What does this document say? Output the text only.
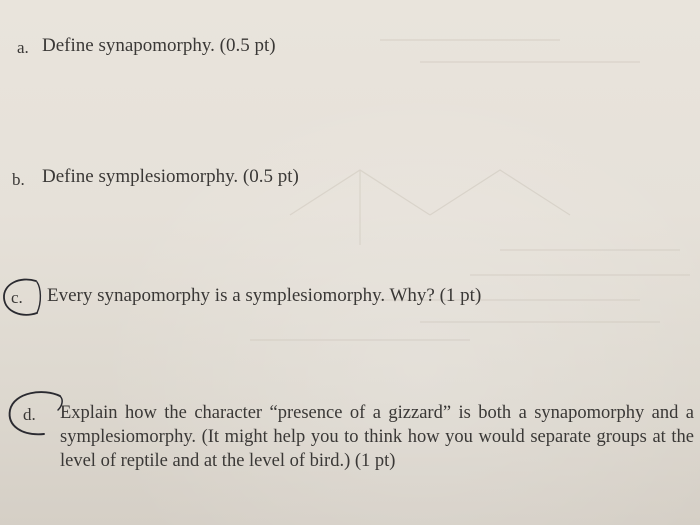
a. Define synapomorphy. (0.5 pt)
b. Define symplesiomorphy. (0.5 pt)
c. Every synapomorphy is a symplesiomorphy. Why? (1 pt)
d. Explain how the character “presence of a gizzard” is both a synapomorphy and a
symplesiomorphy. (It might help you to think how you would separate groups at the
level of reptile and at the level of bird.) (1 pt)
